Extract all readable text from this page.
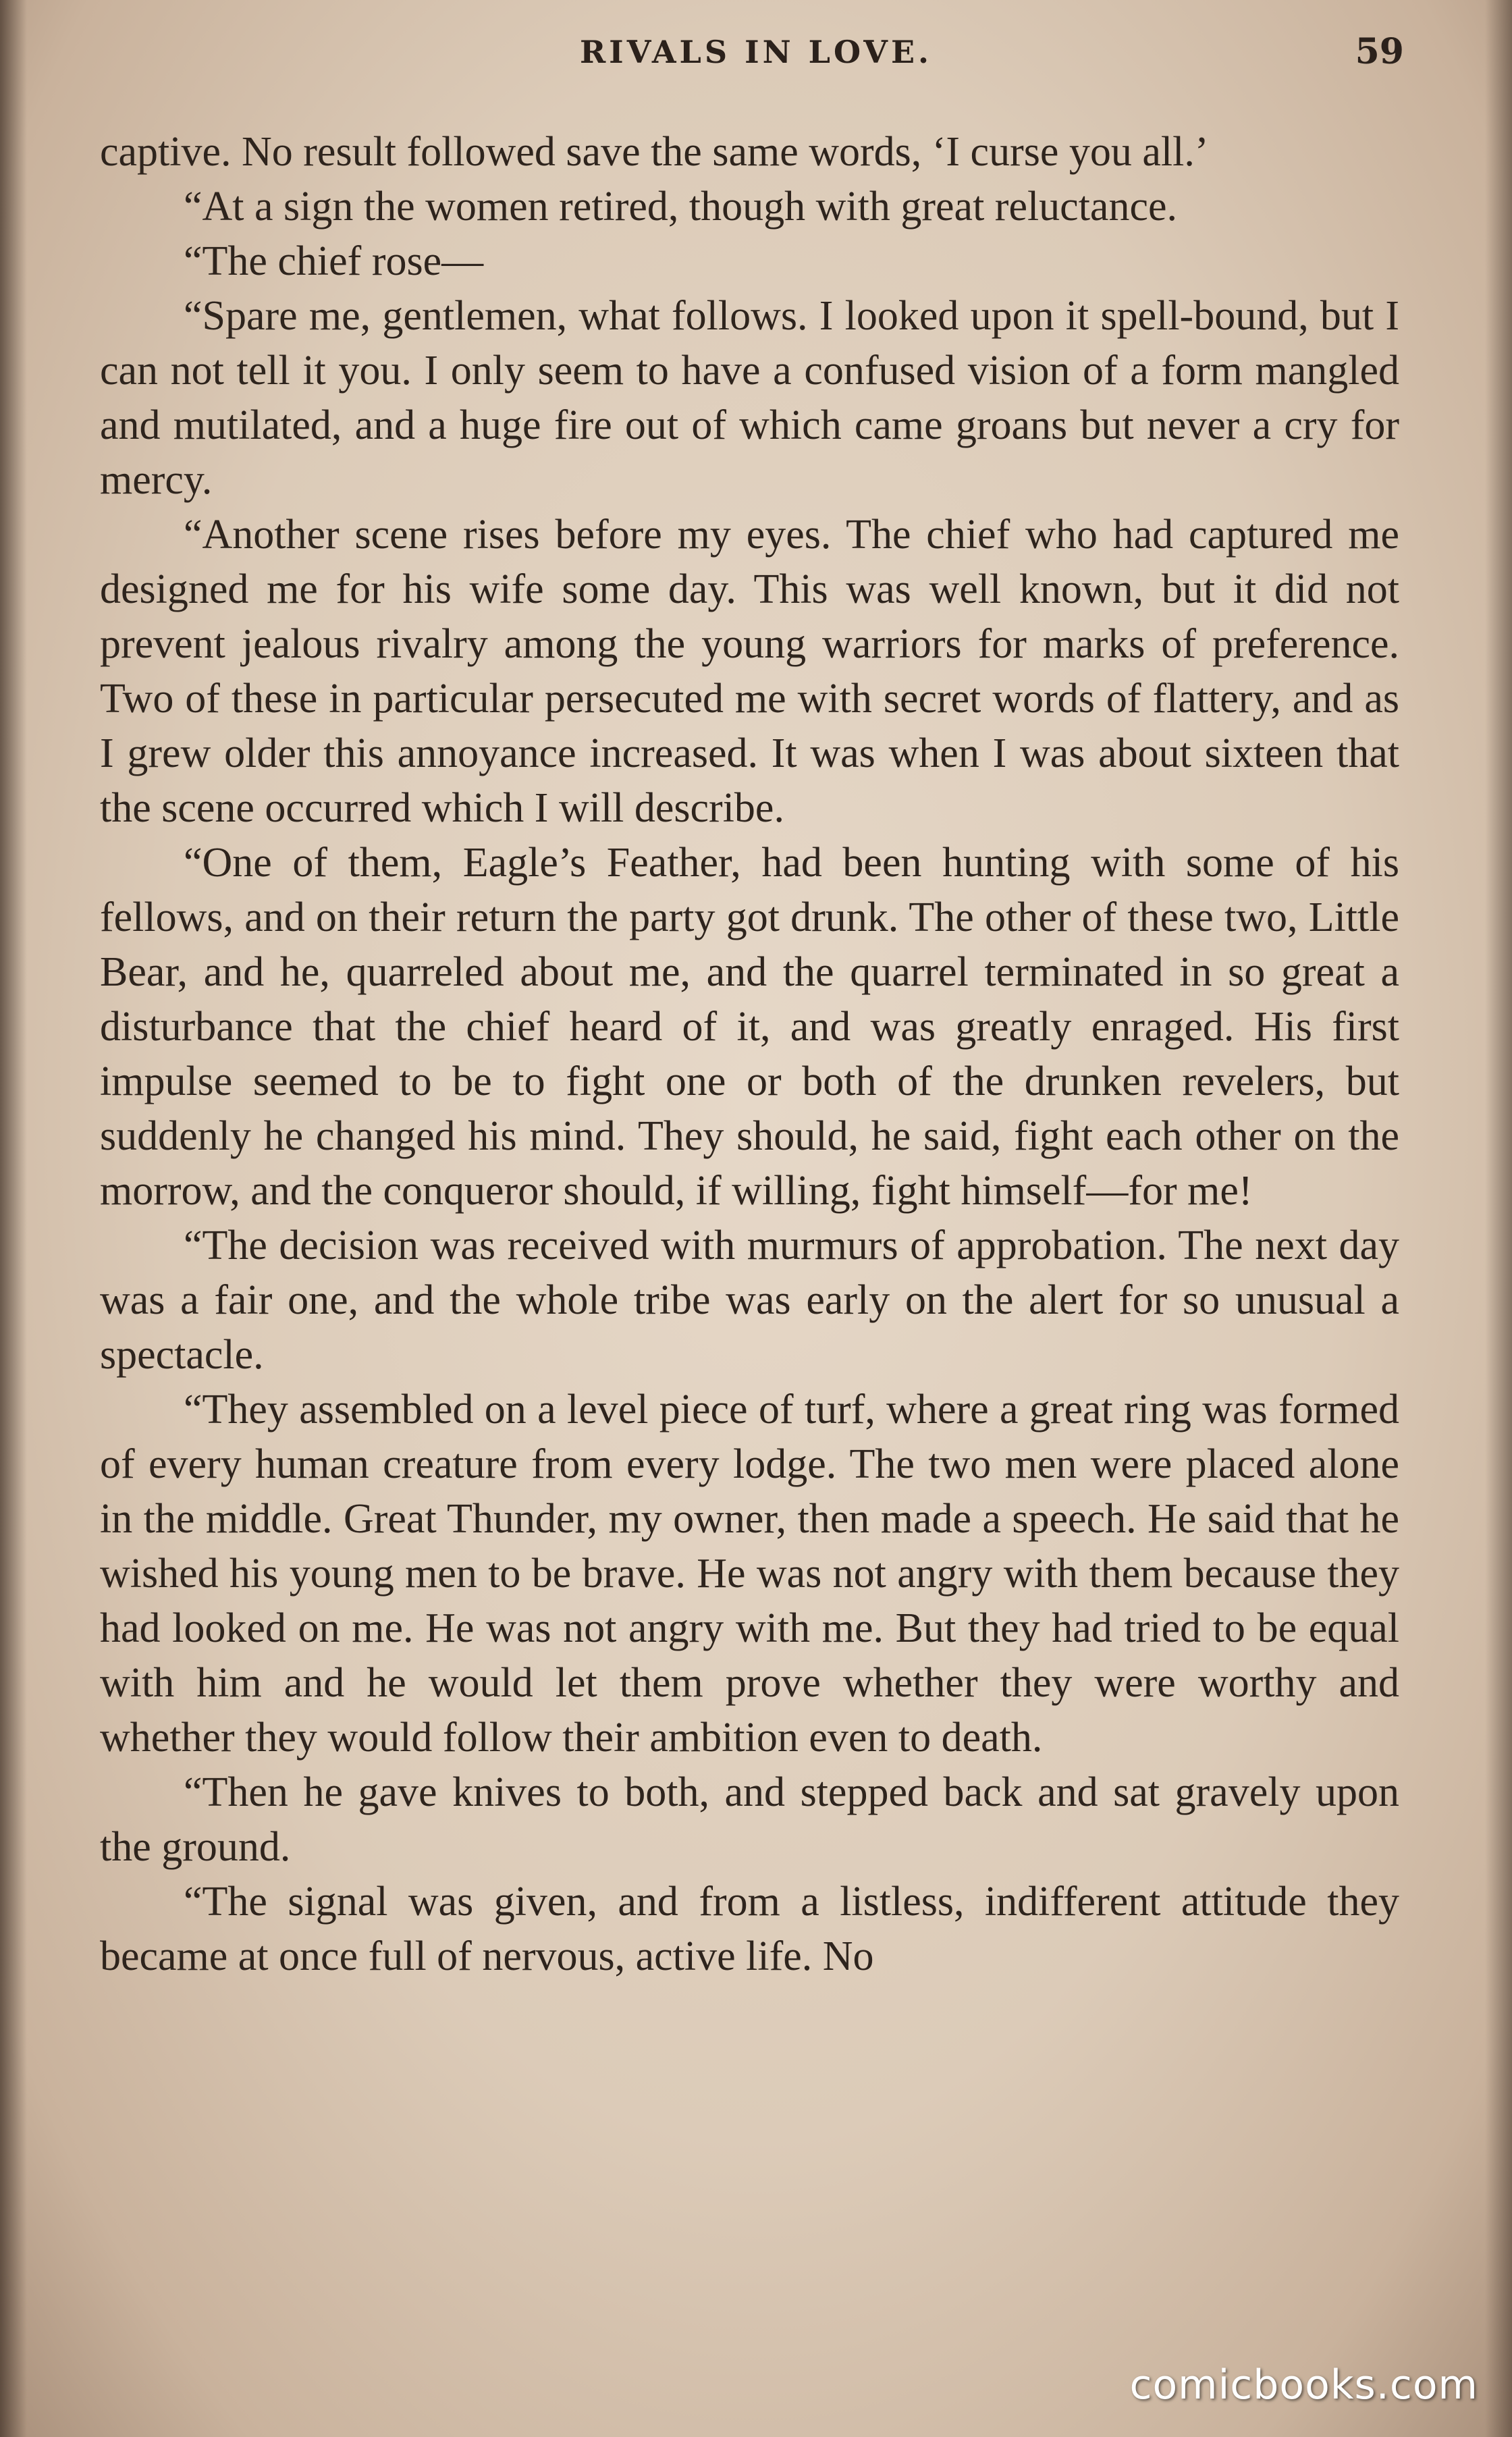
RIVALS IN LOVE.	59

captive. No result followed save the same words, ‘I curse you all.’

“At a sign the women retired, though with great reluctance.

“The chief rose—

“Spare me, gentlemen, what follows. I looked upon it spell-bound, but I can not tell it you. I only seem to have a confused vision of a form mangled and mutilated, and a huge fire out of which came groans but never a cry for mercy.

“Another scene rises before my eyes. The chief who had captured me designed me for his wife some day. This was well known, but it did not prevent jealous rivalry among the young warriors for marks of preference. Two of these in particular persecuted me with secret words of flattery, and as I grew older this annoyance increased. It was when I was about sixteen that the scene occurred which I will describe.

“One of them, Eagle’s Feather, had been hunting with some of his fellows, and on their return the party got drunk. The other of these two, Little Bear, and he, quarreled about me, and the quarrel terminated in so great a disturbance that the chief heard of it, and was greatly enraged. His first impulse seemed to be to fight one or both of the drunken revelers, but suddenly he changed his mind. They should, he said, fight each other on the morrow, and the conqueror should, if willing, fight himself—for me!

“The decision was received with murmurs of approbation. The next day was a fair one, and the whole tribe was early on the alert for so unusual a spectacle.

“They assembled on a level piece of turf, where a great ring was formed of every human creature from every lodge. The two men were placed alone in the middle. Great Thunder, my owner, then made a speech. He said that he wished his young men to be brave. He was not angry with them because they had looked on me. He was not angry with me. But they had tried to be equal with him and he would let them prove whether they were worthy and whether they would follow their ambition even to death.

“Then he gave knives to both, and stepped back and sat gravely upon the ground.

“The signal was given, and from a listless, indifferent attitude they became at once full of nervous, active life. No

comicbooks.com
